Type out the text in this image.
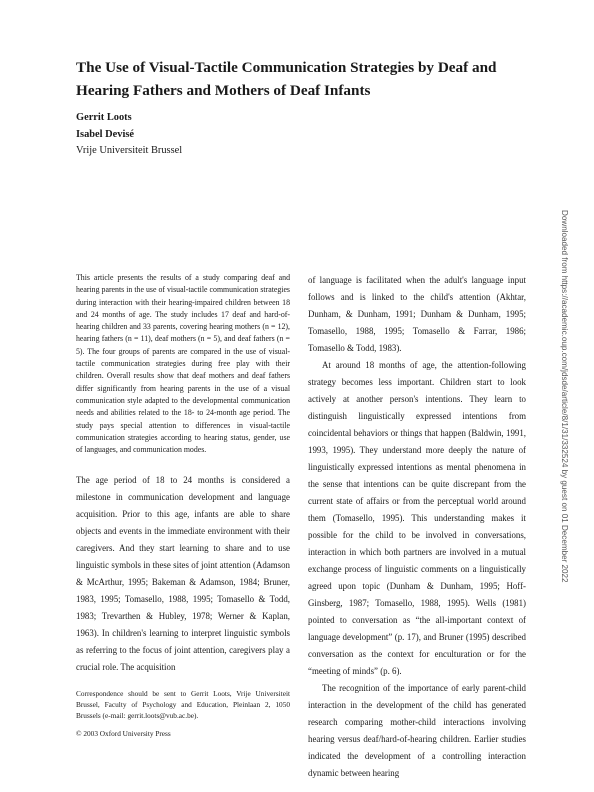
The Use of Visual-Tactile Communication Strategies by Deaf and Hearing Fathers and Mothers of Deaf Infants
Gerrit Loots
Isabel Devisé
Vrije Universiteit Brussel

This article presents the results of a study comparing deaf and hearing parents in the use of visual-tactile communication strategies during interaction with their hearing-impaired children between 18 and 24 months of age. The study includes 17 deaf and hard-of-hearing children and 33 parents, covering hearing mothers (n = 12), hearing fathers (n = 11), deaf mothers (n = 5), and deaf fathers (n = 5). The four groups of parents are compared in the use of visual-tactile communication strategies during free play with their children. Overall results show that deaf mothers and deaf fathers differ significantly from hearing parents in the use of a visual communication style adapted to the developmental communication needs and abilities related to the 18- to 24-month age period. The study pays special attention to differences in visual-tactile communication strategies according to hearing status, gender, use of languages, and communication modes.

The age period of 18 to 24 months is considered a milestone in communication development and language acquisition. Prior to this age, infants are able to share objects and events in the immediate environment with their caregivers. And they start learning to share and to use linguistic symbols in these sites of joint attention (Adamson & McArthur, 1995; Bakeman & Adamson, 1984; Bruner, 1983, 1995; Tomasello, 1988, 1995; Tomasello & Todd, 1983; Trevarthen & Hubley, 1978; Werner & Kaplan, 1963). In children's learning to interpret linguistic symbols as referring to the focus of joint attention, caregivers play a crucial role. The acquisition

of language is facilitated when the adult's language input follows and is linked to the child's attention (Akhtar, Dunham, & Dunham, 1991; Dunham & Dunham, 1995; Tomasello, 1988, 1995; Tomasello & Farrar, 1986; Tomasello & Todd, 1983).

At around 18 months of age, the attention-following strategy becomes less important. Children start to look actively at another person's intentions. They learn to distinguish linguistically expressed intentions from coincidental behaviors or things that happen (Baldwin, 1991, 1993, 1995). They understand more deeply the nature of linguistically expressed intentions as mental phenomena in the sense that intentions can be quite discrepant from the current state of affairs or from the perceptual world around them (Tomasello, 1995). This understanding makes it possible for the child to be involved in conversations, interaction in which both partners are involved in a mutual exchange process of linguistic comments on a linguistically agreed upon topic (Dunham & Dunham, 1995; Hoff-Ginsberg, 1987; Tomasello, 1988, 1995). Wells (1981) pointed to conversation as “the all-important context of language development” (p. 17), and Bruner (1995) described conversation as the context for enculturation or for the “meeting of minds” (p. 6).

The recognition of the importance of early parent-child interaction in the development of the child has generated research comparing mother-child interactions involving hearing versus deaf/hard-of-hearing children. Earlier studies indicated the development of a controlling interaction dynamic between hearing

Correspondence should be sent to Gerrit Loots, Vrije Universiteit Brussel, Faculty of Psychology and Education, Pleinlaan 2, 1050 Brussels (e-mail: gerrit.loots@vub.ac.be).

© 2003 Oxford University Press

Downloaded from https://academic.oup.com/jdsde/article/8/1/31/332524 by guest on 01 December 2022
